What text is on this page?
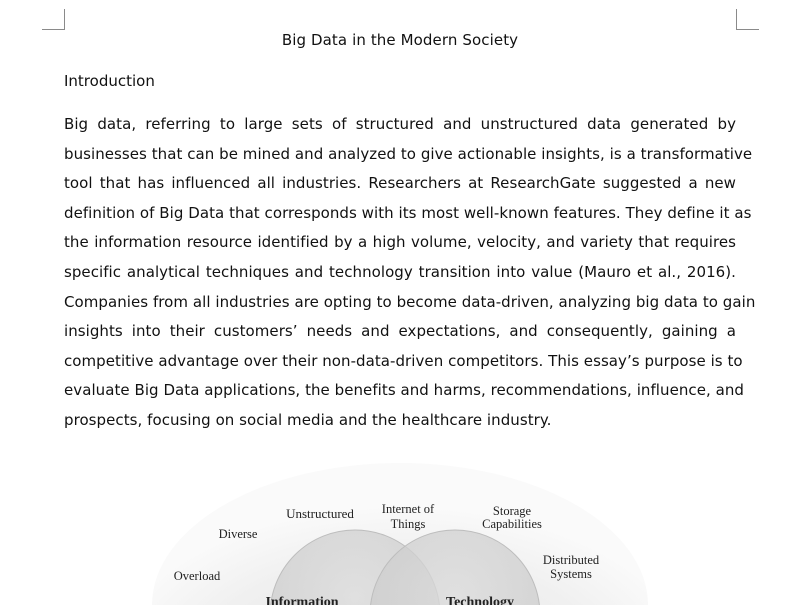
Big Data in the Modern Society
Introduction
Big data, referring to large sets of structured and unstructured data generated by
businesses that can be mined and analyzed to give actionable insights, is a transformative
tool that has influenced all industries. Researchers at ResearchGate suggested a new
definition of Big Data that corresponds with its most well-known features. They define it as
the information resource identified by a high volume, velocity, and variety that requires
specific analytical techniques and technology transition into value (Mauro et al., 2016).
Companies from all industries are opting to become data-driven, analyzing big data to gain
insights into their customers’ needs and expectations, and consequently, gaining a
competitive advantage over their non-data-driven competitors. This essay’s purpose is to
evaluate Big Data applications, the benefits and harms, recommendations, influence, and
prospects, focusing on social media and the healthcare industry.
Unstructured
Diverse
Overload
Internet of
Things
Storage
Capabilities
Distributed
Systems
Information	Technology
